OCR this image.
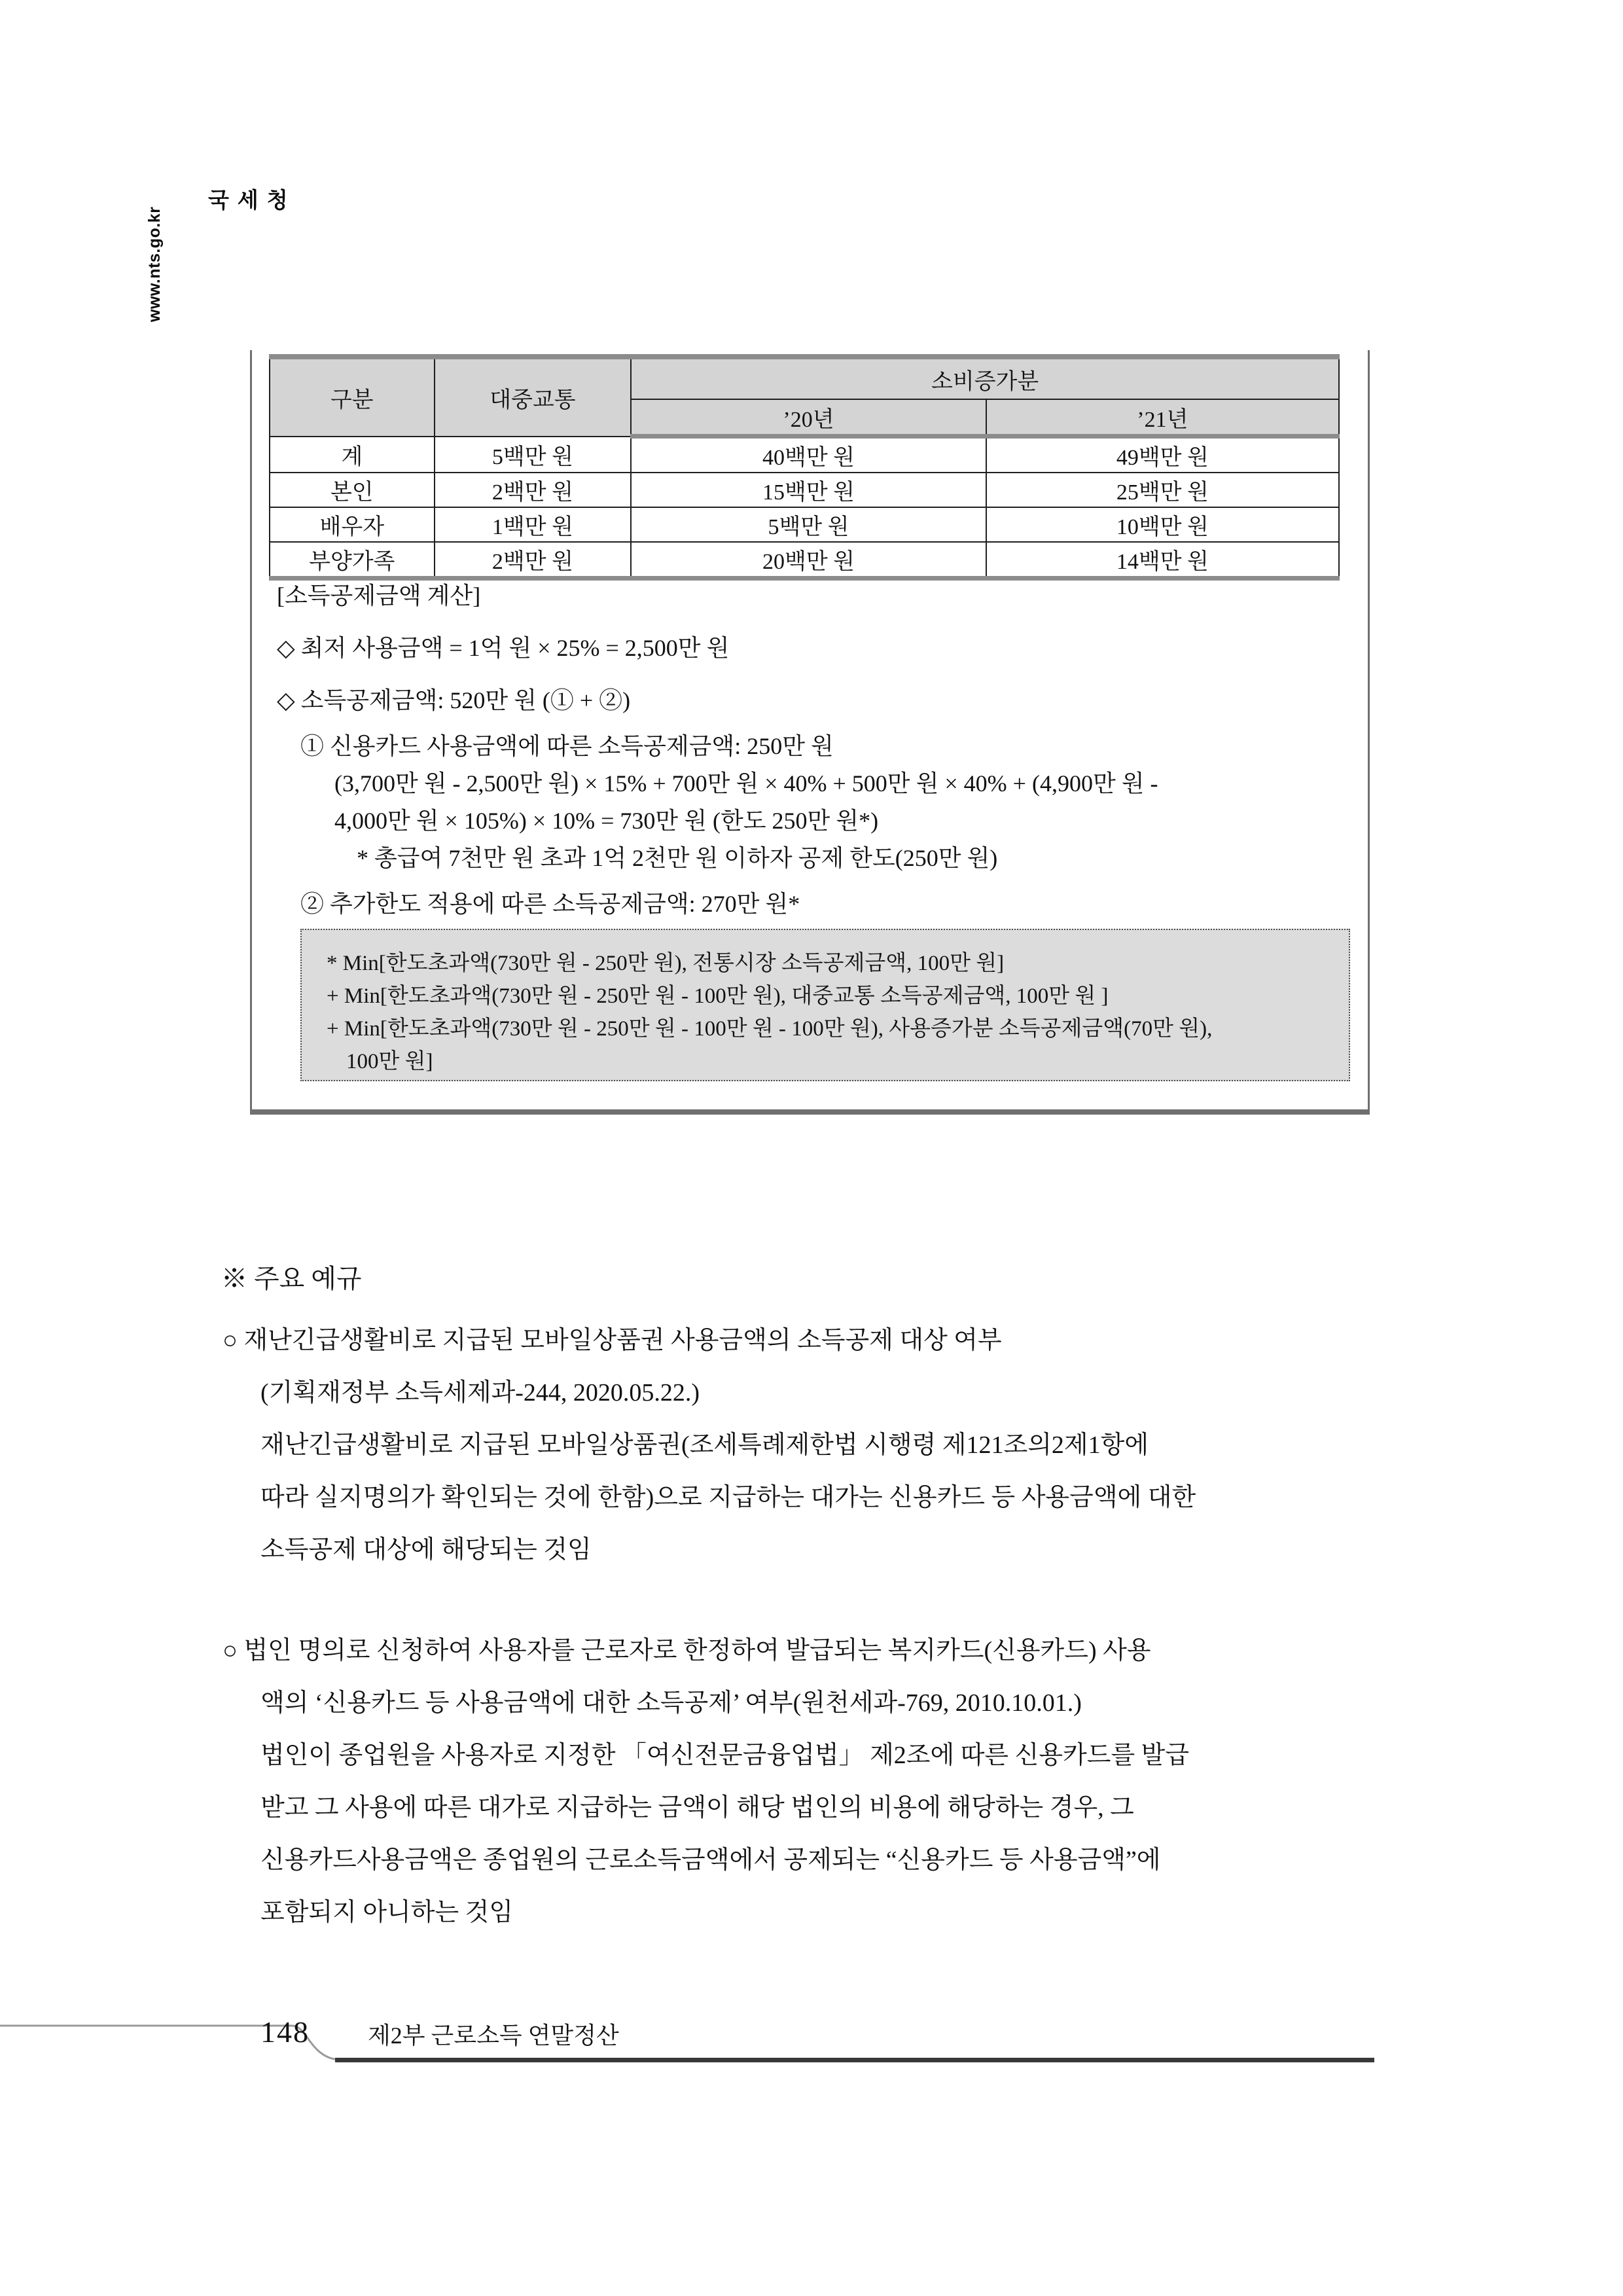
국세청
www.nts.go.kr
구분	대중교통	소비증가분	
		’20년	’21년
계	5백만 원	40백만 원	49백만 원
본인	2백만 원	15백만 원	25백만 원
배우자	1백만 원	5백만 원	10백만 원
부양가족	2백만 원	20백만 원	14백만 원
[소득공제금액 계산]
◇ 최저 사용금액 = 1억 원 × 25% = 2,500만 원
◇ 소득공제금액: 520만 원 (① + ②)
① 신용카드 사용금액에 따른 소득공제금액: 250만 원
(3,700만 원 - 2,500만 원) × 15% + 700만 원 × 40% + 500만 원 × 40% + (4,900만 원 -
4,000만 원 × 105%) × 10% = 730만 원 (한도 250만 원*)
* 총급여 7천만 원 초과 1억 2천만 원 이하자 공제 한도(250만 원)
② 추가한도 적용에 따른 소득공제금액: 270만 원*
* Min[한도초과액(730만 원 - 250만 원), 전통시장 소득공제금액, 100만 원]
+ Min[한도초과액(730만 원 - 250만 원 - 100만 원), 대중교통 소득공제금액, 100만 원 ]
+ Min[한도초과액(730만 원 - 250만 원 - 100만 원 - 100만 원), 사용증가분 소득공제금액(70만 원),
100만 원]
※ 주요 예규
○ 재난긴급생활비로 지급된 모바일상품권 사용금액의 소득공제 대상 여부
(기획재정부 소득세제과-244, 2020.05.22.)
재난긴급생활비로 지급된 모바일상품권(조세특례제한법 시행령 제121조의2제1항에
따라 실지명의가 확인되는 것에 한함)으로 지급하는 대가는 신용카드 등 사용금액에 대한
소득공제 대상에 해당되는 것임
○ 법인 명의로 신청하여 사용자를 근로자로 한정하여 발급되는 복지카드(신용카드) 사용
액의 ‘신용카드 등 사용금액에 대한 소득공제’ 여부(원천세과-769, 2010.10.01.)
법인이 종업원을 사용자로 지정한 「여신전문금융업법」 제2조에 따른 신용카드를 발급
받고 그 사용에 따른 대가로 지급하는 금액이 해당 법인의 비용에 해당하는 경우, 그
신용카드사용금액은 종업원의 근로소득금액에서 공제되는 “신용카드 등 사용금액”에
포함되지 아니하는 것임
148 제2부 근로소득 연말정산
